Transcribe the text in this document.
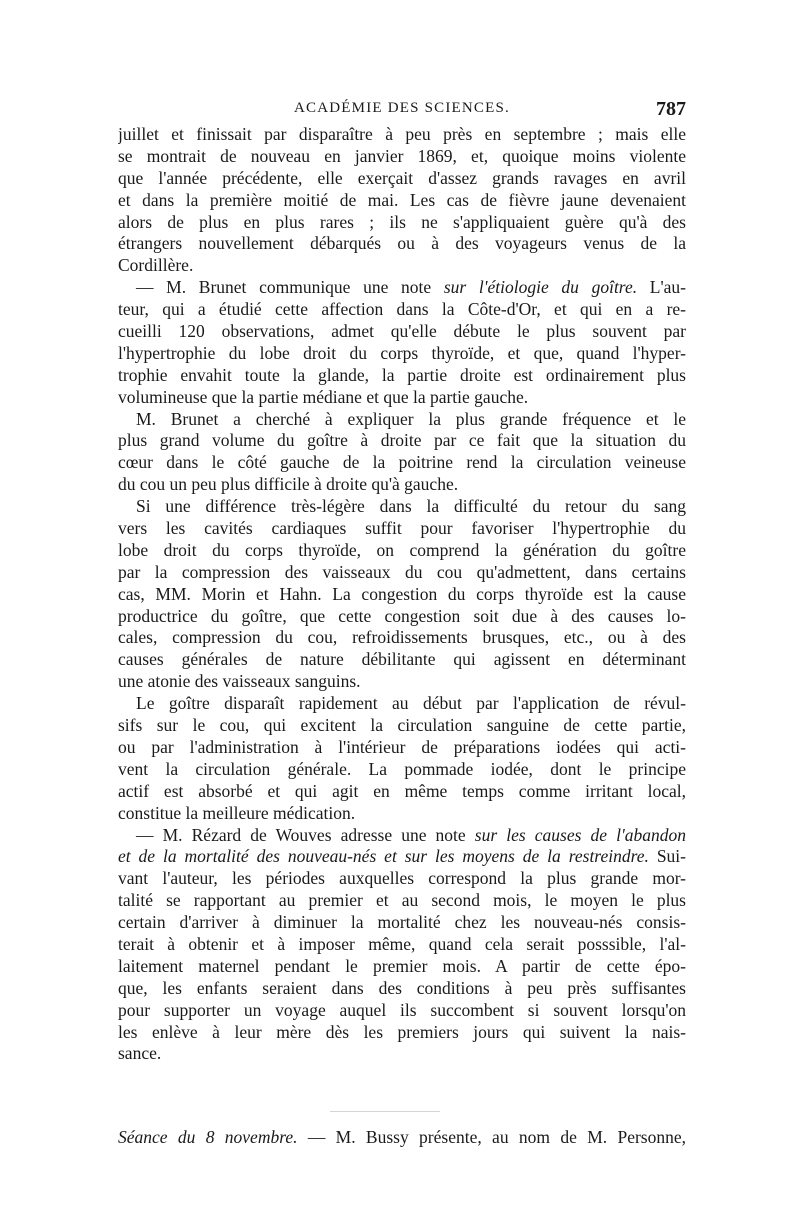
ACADÉMIE DES SCIENCES.	787
juillet et finissait par disparaître à peu près en septembre ; mais elle
se montrait de nouveau en janvier 1869, et, quoique moins violente
que l'année précédente, elle exerçait d'assez grands ravages en avril
et dans la première moitié de mai. Les cas de fièvre jaune devenaient
alors de plus en plus rares ; ils ne s'appliquaient guère qu'à des
étrangers nouvellement débarqués ou à des voyageurs venus de la
Cordillère.
— M. Brunet communique une note sur l'étiologie du goître. L'au-
teur, qui a étudié cette affection dans la Côte-d'Or, et qui en a re-
cueilli 120 observations, admet qu'elle débute le plus souvent par
l'hypertrophie du lobe droit du corps thyroïde, et que, quand l'hyper-
trophie envahit toute la glande, la partie droite est ordinairement plus
volumineuse que la partie médiane et que la partie gauche.
M. Brunet a cherché à expliquer la plus grande fréquence et le
plus grand volume du goître à droite par ce fait que la situation du
cœur dans le côté gauche de la poitrine rend la circulation veineuse
du cou un peu plus difficile à droite qu'à gauche.
Si une différence très-légère dans la difficulté du retour du sang
vers les cavités cardiaques suffit pour favoriser l'hypertrophie du
lobe droit du corps thyroïde, on comprend la génération du goître
par la compression des vaisseaux du cou qu'admettent, dans certains
cas, MM. Morin et Hahn. La congestion du corps thyroïde est la cause
productrice du goître, que cette congestion soit due à des causes lo-
cales, compression du cou, refroidissements brusques, etc., ou à des
causes générales de nature débilitante qui agissent en déterminant
une atonie des vaisseaux sanguins.
Le goître disparaît rapidement au début par l'application de révul-
sifs sur le cou, qui excitent la circulation sanguine de cette partie,
ou par l'administration à l'intérieur de préparations iodées qui acti-
vent la circulation générale. La pommade iodée, dont le principe
actif est absorbé et qui agit en même temps comme irritant local,
constitue la meilleure médication.
— M. Rézard de Wouves adresse une note sur les causes de l'abandon
et de la mortalité des nouveau-nés et sur les moyens de la restreindre. Sui-
vant l'auteur, les périodes auxquelles correspond la plus grande mor-
talité se rapportant au premier et au second mois, le moyen le plus
certain d'arriver à diminuer la mortalité chez les nouveau-nés consis-
terait à obtenir et à imposer même, quand cela serait posssible, l'al-
laitement maternel pendant le premier mois. A partir de cette épo-
que, les enfants seraient dans des conditions à peu près suffisantes
pour supporter un voyage auquel ils succombent si souvent lorsqu'on
les enlève à leur mère dès les premiers jours qui suivent la nais-
sance.
Séance du 8 novembre. — M. Bussy présente, au nom de M. Personne,
